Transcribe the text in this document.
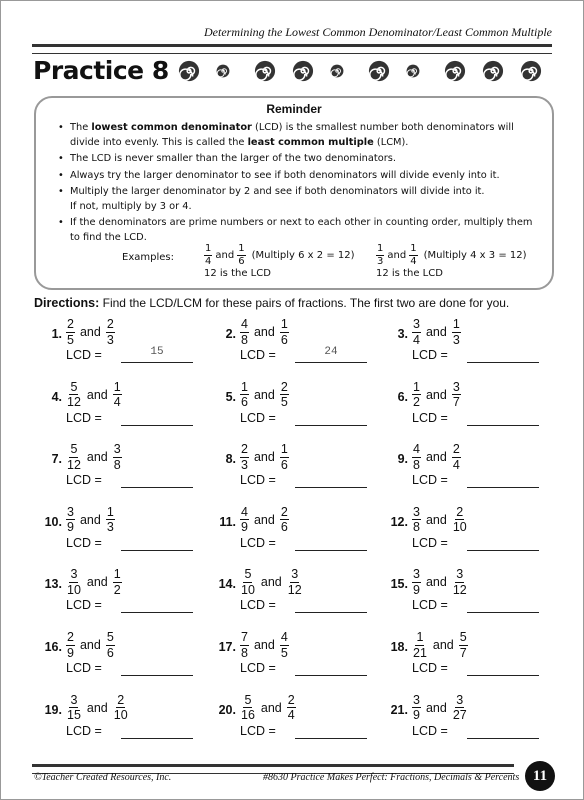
Determining the Lowest Common Denominator/Least Common Multiple
Practice 8
Reminder
• The lowest common denominator (LCD) is the smallest number both denominators will divide into evenly. This is called the least common multiple (LCM).
• The LCD is never smaller than the larger of the two denominators.
• Always try the larger denominator to see if both denominators will divide evenly into it.
• Multiply the larger denominator by 2 and see if both denominators will divide into it. If not, multiply by 3 or 4.
• If the denominators are prime numbers or next to each other in counting order, multiply them to find the LCD.
Examples:	$\frac{1}{4}$ and $\frac{1}{6}$ (Multiply 6 x 2 = 12)
12 is the LCD
$\frac{1}{3}$ and $\frac{1}{4}$ (Multiply 4 x 3 = 12)
12 is the LCD
Directions: Find the LCD/LCM for these pairs of fractions. The first two are done for you.
1. $\frac{2}{5}$ and $\frac{2}{3}$
LCD =	15
2. $\frac{4}{8}$ and $\frac{1}{6}$
LCD =	24
3. $\frac{3}{4}$ and $\frac{1}{3}$
LCD =
4. $\frac{5}{12}$ and $\frac{1}{4}$
LCD =
5. $\frac{1}{6}$ and $\frac{2}{5}$
LCD =
6. $\frac{1}{2}$ and $\frac{3}{7}$
LCD =
7. $\frac{5}{12}$ and $\frac{3}{8}$
LCD =
8. $\frac{2}{3}$ and $\frac{1}{6}$
LCD =
9. $\frac{4}{8}$ and $\frac{2}{4}$
LCD =
10. $\frac{3}{9}$ and $\frac{1}{3}$
LCD =
11. $\frac{4}{9}$ and $\frac{2}{6}$
LCD =
12. $\frac{3}{8}$ and $\frac{2}{10}$
LCD =
13. $\frac{3}{10}$ and $\frac{1}{2}$
LCD =
14. $\frac{5}{10}$ and $\frac{3}{12}$
LCD =
15. $\frac{3}{9}$ and $\frac{3}{12}$
LCD =
16. $\frac{2}{9}$ and $\frac{5}{6}$
LCD =
17. $\frac{7}{8}$ and $\frac{4}{5}$
LCD =
18. $\frac{1}{21}$ and $\frac{5}{7}$
LCD =
19. $\frac{3}{15}$ and $\frac{2}{10}$
LCD =
20. $\frac{5}{16}$ and $\frac{2}{4}$
LCD =
21. $\frac{3}{9}$ and $\frac{3}{27}$
LCD =
©Teacher Created Resources, Inc.	#8630 Practice Makes Perfect: Fractions, Decimals & Percents 11
